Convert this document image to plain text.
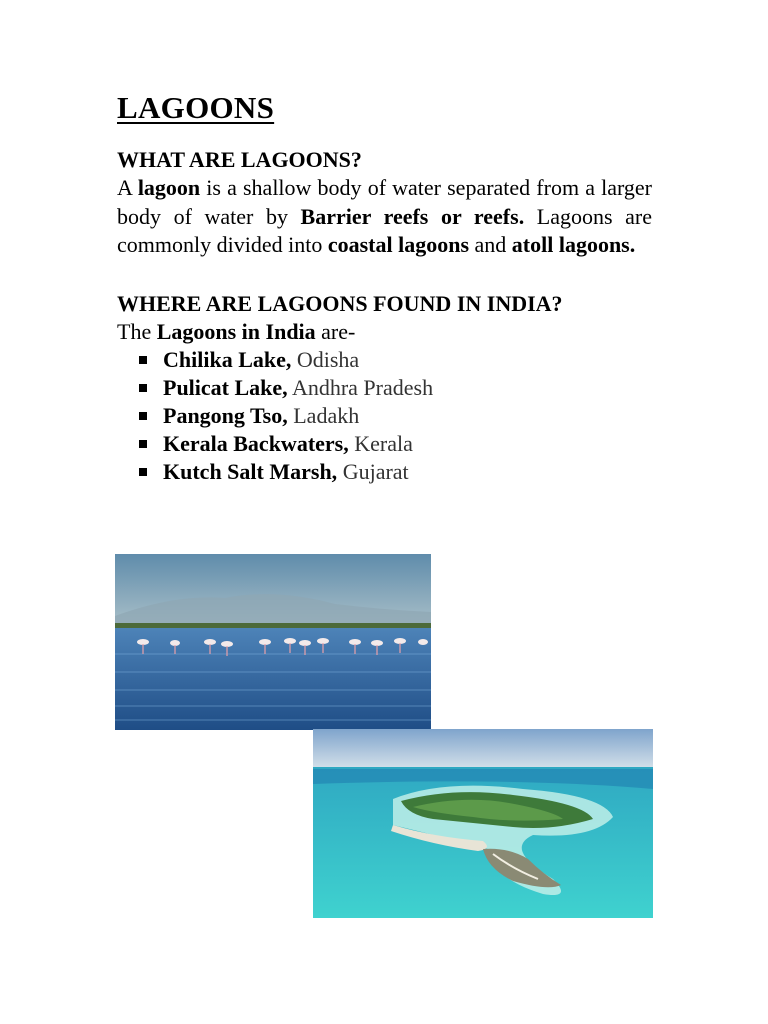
LAGOONS

WHAT ARE LAGOONS?

A lagoon is a shallow body of water separated from a larger body of water by Barrier reefs or reefs. Lagoons are commonly divided into coastal lagoons and atoll lagoons.

WHERE ARE LAGOONS FOUND IN INDIA?

The Lagoons in India are-

Chilika Lake, Odisha
Pulicat Lake, Andhra Pradesh
Pangong Tso, Ladakh
Kerala Backwaters, Kerala
Kutch Salt Marsh, Gujarat
